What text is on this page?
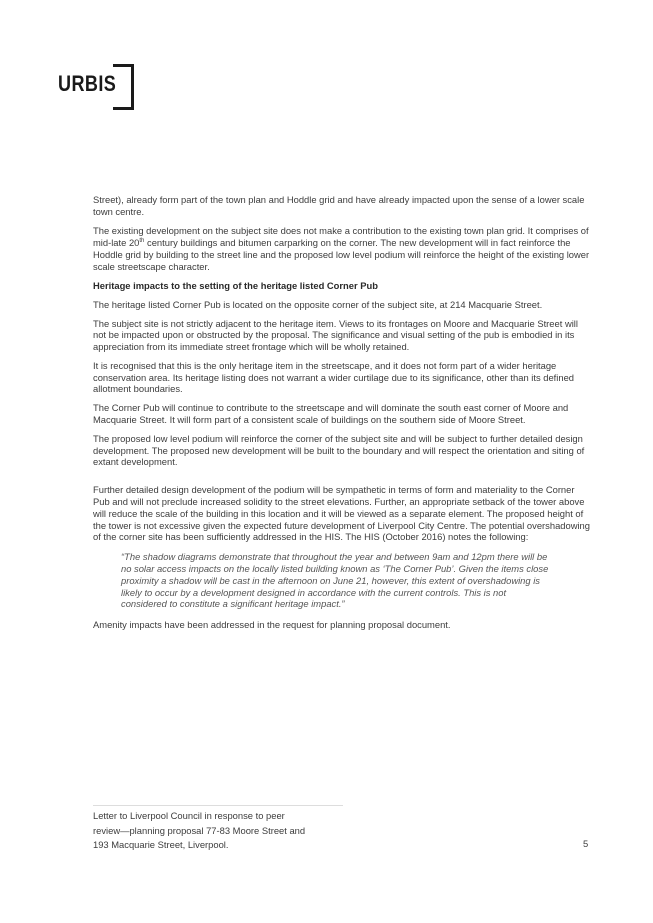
URBIS

Street), already form part of the town plan and Hoddle grid and have already impacted upon the sense of a lower scale town centre.

The existing development on the subject site does not make a contribution to the existing town plan grid. It comprises of mid-late 20th century buildings and bitumen carparking on the corner. The new development will in fact reinforce the Hoddle grid by building to the street line and the proposed low level podium will reinforce the height of the existing lower scale streetscape character.

Heritage impacts to the setting of the heritage listed Corner Pub

The heritage listed Corner Pub is located on the opposite corner of the subject site, at 214 Macquarie Street.

The subject site is not strictly adjacent to the heritage item. Views to its frontages on Moore and Macquarie Street will not be impacted upon or obstructed by the proposal. The significance and visual setting of the pub is embodied in its appreciation from its immediate street frontage which will be wholly retained.

It is recognised that this is the only heritage item in the streetscape, and it does not form part of a wider heritage conservation area. Its heritage listing does not warrant a wider curtilage due to its significance, other than its defined allotment boundaries.

The Corner Pub will continue to contribute to the streetscape and will dominate the south east corner of Moore and Macquarie Street. It will form part of a consistent scale of buildings on the southern side of Moore Street.

The proposed low level podium will reinforce the corner of the subject site and will be subject to further detailed design development. The proposed new development will be built to the boundary and will respect the orientation and siting of extant development.

Further detailed design development of the podium will be sympathetic in terms of form and materiality to the Corner Pub and will not preclude increased solidity to the street elevations. Further, an appropriate setback of the tower above will reduce the scale of the building in this location and it will be viewed as a separate element. The proposed height of the tower is not excessive given the expected future development of Liverpool City Centre. The potential overshadowing of the corner site has been sufficiently addressed in the HIS. The HIS (October 2016) notes the following:

“The shadow diagrams demonstrate that throughout the year and between 9am and 12pm there will be no solar access impacts on the locally listed building known as ‘The Corner Pub’. Given the items close proximity a shadow will be cast in the afternoon on June 21, however, this extent of overshadowing is likely to occur by a development designed in accordance with the current controls. This is not considered to constitute a significant heritage impact.”

Amenity impacts have been addressed in the request for planning proposal document.

Letter to Liverpool Council in response to peer
review—planning proposal 77-83 Moore Street and
193 Macquarie Street, Liverpool.	5
